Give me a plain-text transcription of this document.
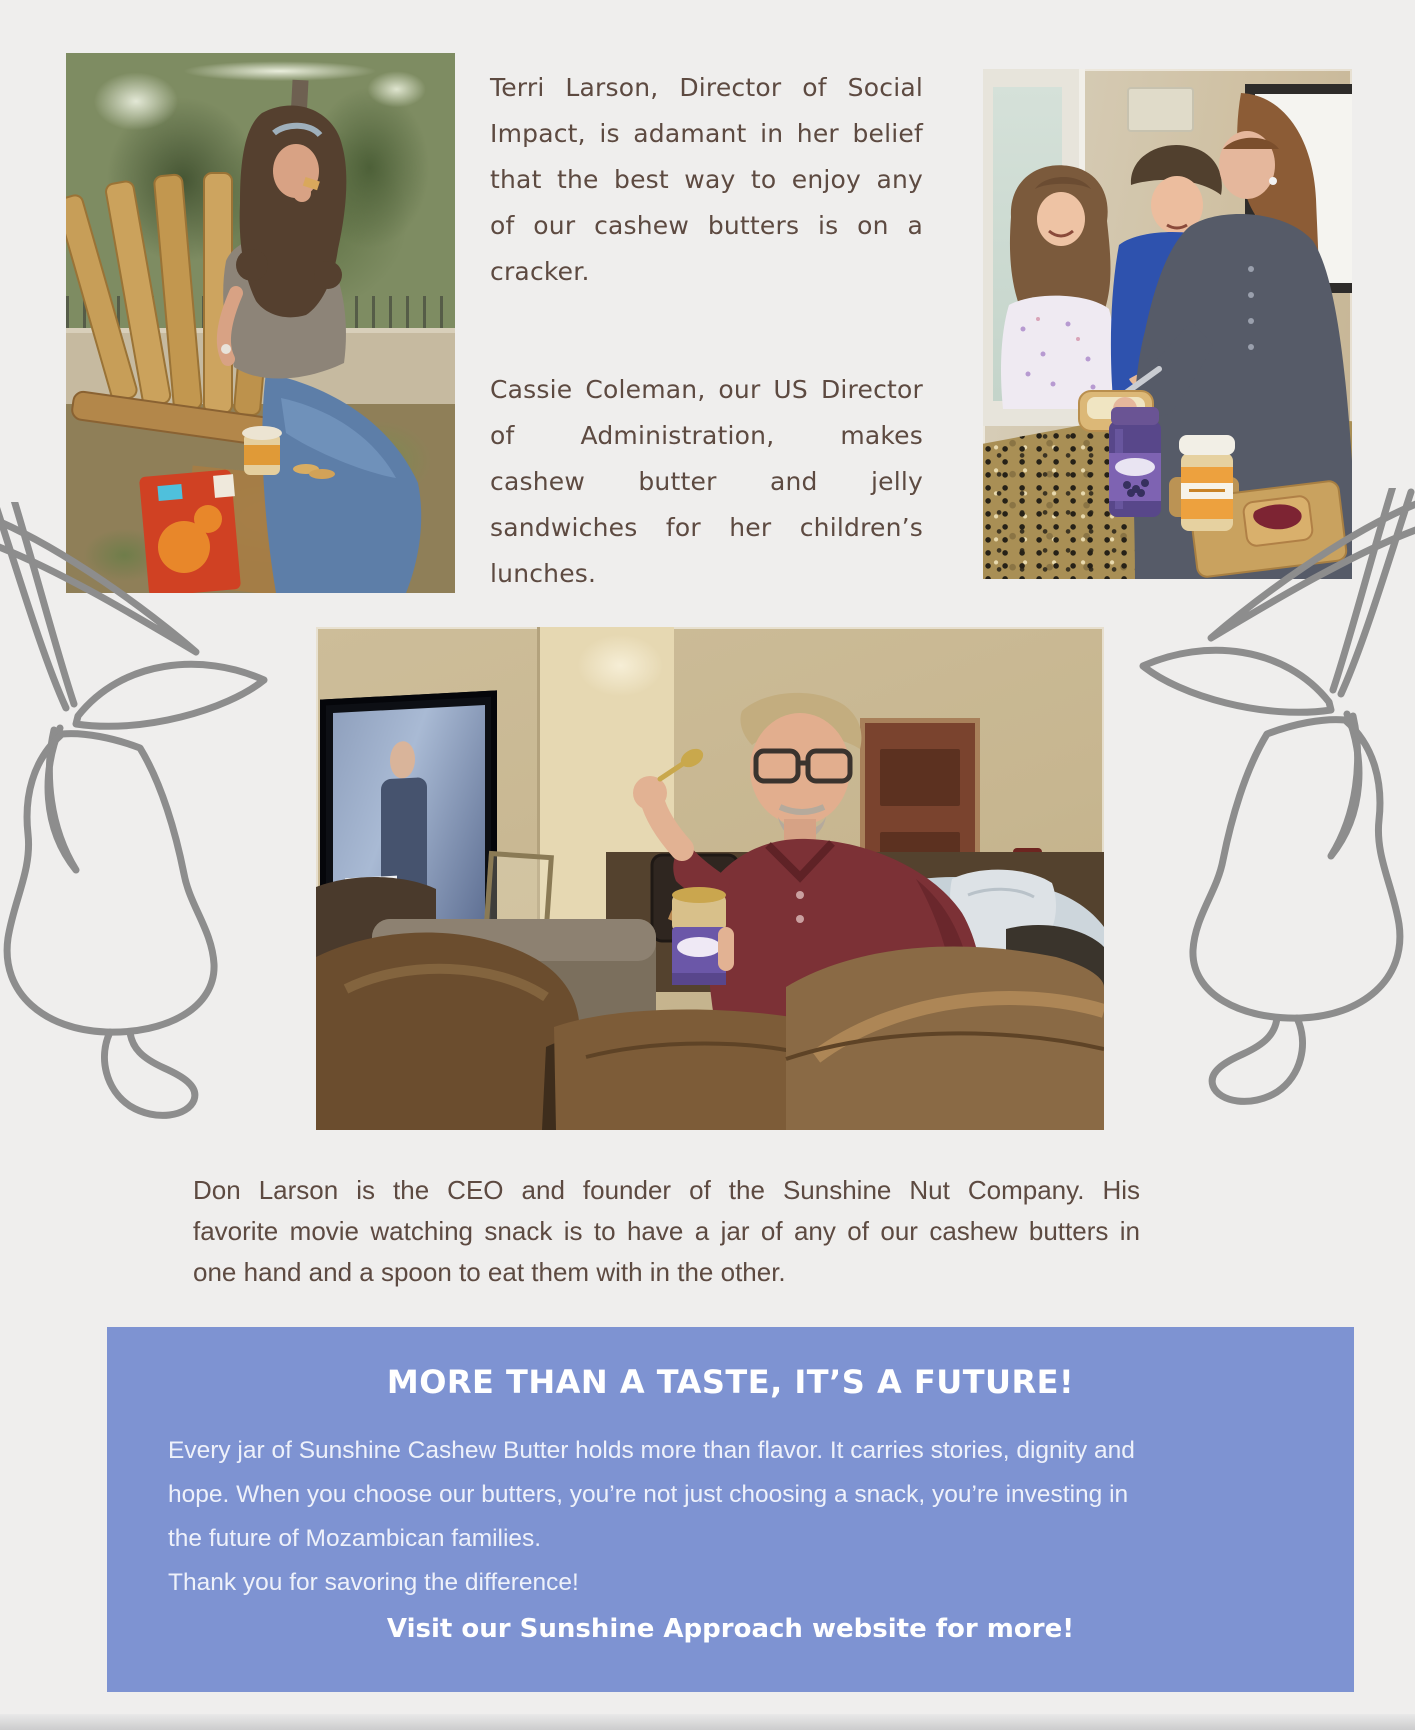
Terri Larson, Director of Social
Impact, is adamant in her belief
that the best way to enjoy any
of our cashew butters is on a
cracker.
Cassie Coleman, our US Director
of Administration, makes
cashew butter and jelly
sandwiches for her children’s
lunches.
Don Larson is the CEO and founder of the Sunshine Nut Company. His
favorite movie watching snack is to have a jar of any of our cashew butters in
one hand and a spoon to eat them with in the other.
MORE THAN A TASTE, IT’S A FUTURE!
Every jar of Sunshine Cashew Butter holds more than flavor. It carries stories, dignity and
hope. When you choose our butters, you’re not just choosing a snack, you’re investing in
the future of Mozambican families.
Thank you for savoring the difference!
Visit our Sunshine Approach website for more!
